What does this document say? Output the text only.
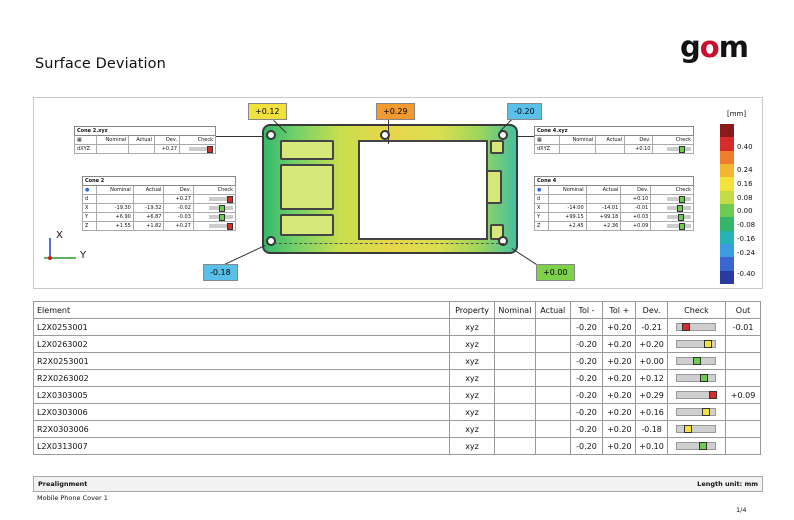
Surface Deviation	gom
+0.12	+0.29	-0.20
-0.18	+0.00
Cone 2.xyz				
▦	Nominal	Actual	Dev.	Check
dXYZ			+0.27	
Cone 4.xyz				
▦	Nominal	Actual	Dev.	Check
dXYZ			+0.10	
Cone 2				
●	Nominal	Actual	Dev.	Check
d			+0.27	

X	-19.30	-19.32	-0.02	

Y	+6.90	+6.87	-0.03	

Z	+1.55	+1.82	+0.27	
Cone 4				
●	Nominal	Actual	Dev.	Check
d			+0.10	

X	-14.00	-14.01	-0.01	

Y	+99.15	+99.18	+0.03	

Z	+2.45	+2.36	+0.09	
X
Y
[mm]
0.40
0.24
0.16
0.08
0.00
-0.08
-0.16
-0.24
-0.40
Element	Property	Nominal	Actual	Tol -	Tol +	Dev.	Check	Out
L2X0253001	xyz			-0.20	+0.20	-0.21		-0.01
L2X0263002	xyz			-0.20	+0.20	+0.20	

R2X0253001	xyz			-0.20	+0.20	+0.00	

R2X0263002	xyz			-0.20	+0.20	+0.12	

L2X0303005	xyz			-0.20	+0.20	+0.29		+0.09
L2X0303006	xyz			-0.20	+0.20	+0.16	

R2X0303006	xyz			-0.20	+0.20	-0.18	

L2X0313007	xyz			-0.20	+0.20	+0.10	

Prealignment	Length unit: mm
Mobile Phone Cover 1
1/4
